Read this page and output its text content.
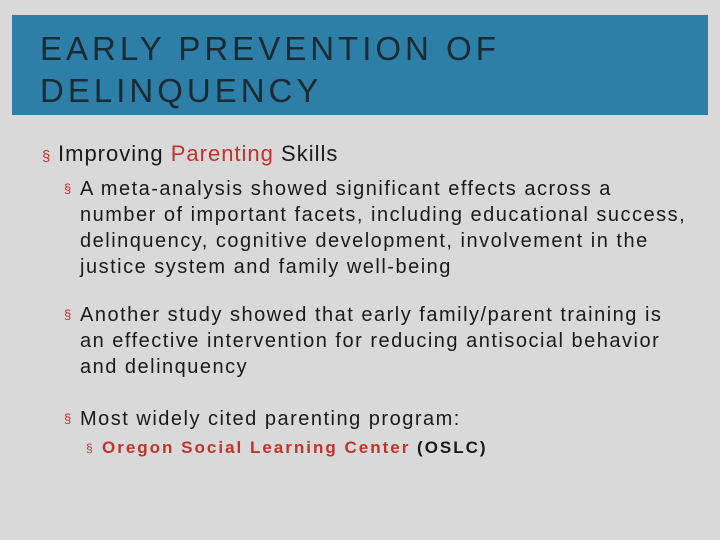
EARLY PREVENTION OF
DELINQUENCY

§ Improving Parenting Skills

§ A meta-analysis showed significant effects across a number of important facets, including educational success, delinquency, cognitive development, involvement in the justice system and family well-being

§ Another study showed that early family/parent training is an effective intervention for reducing antisocial behavior and delinquency

§ Most widely cited parenting program:

§ Oregon Social Learning Center (OSLC)
